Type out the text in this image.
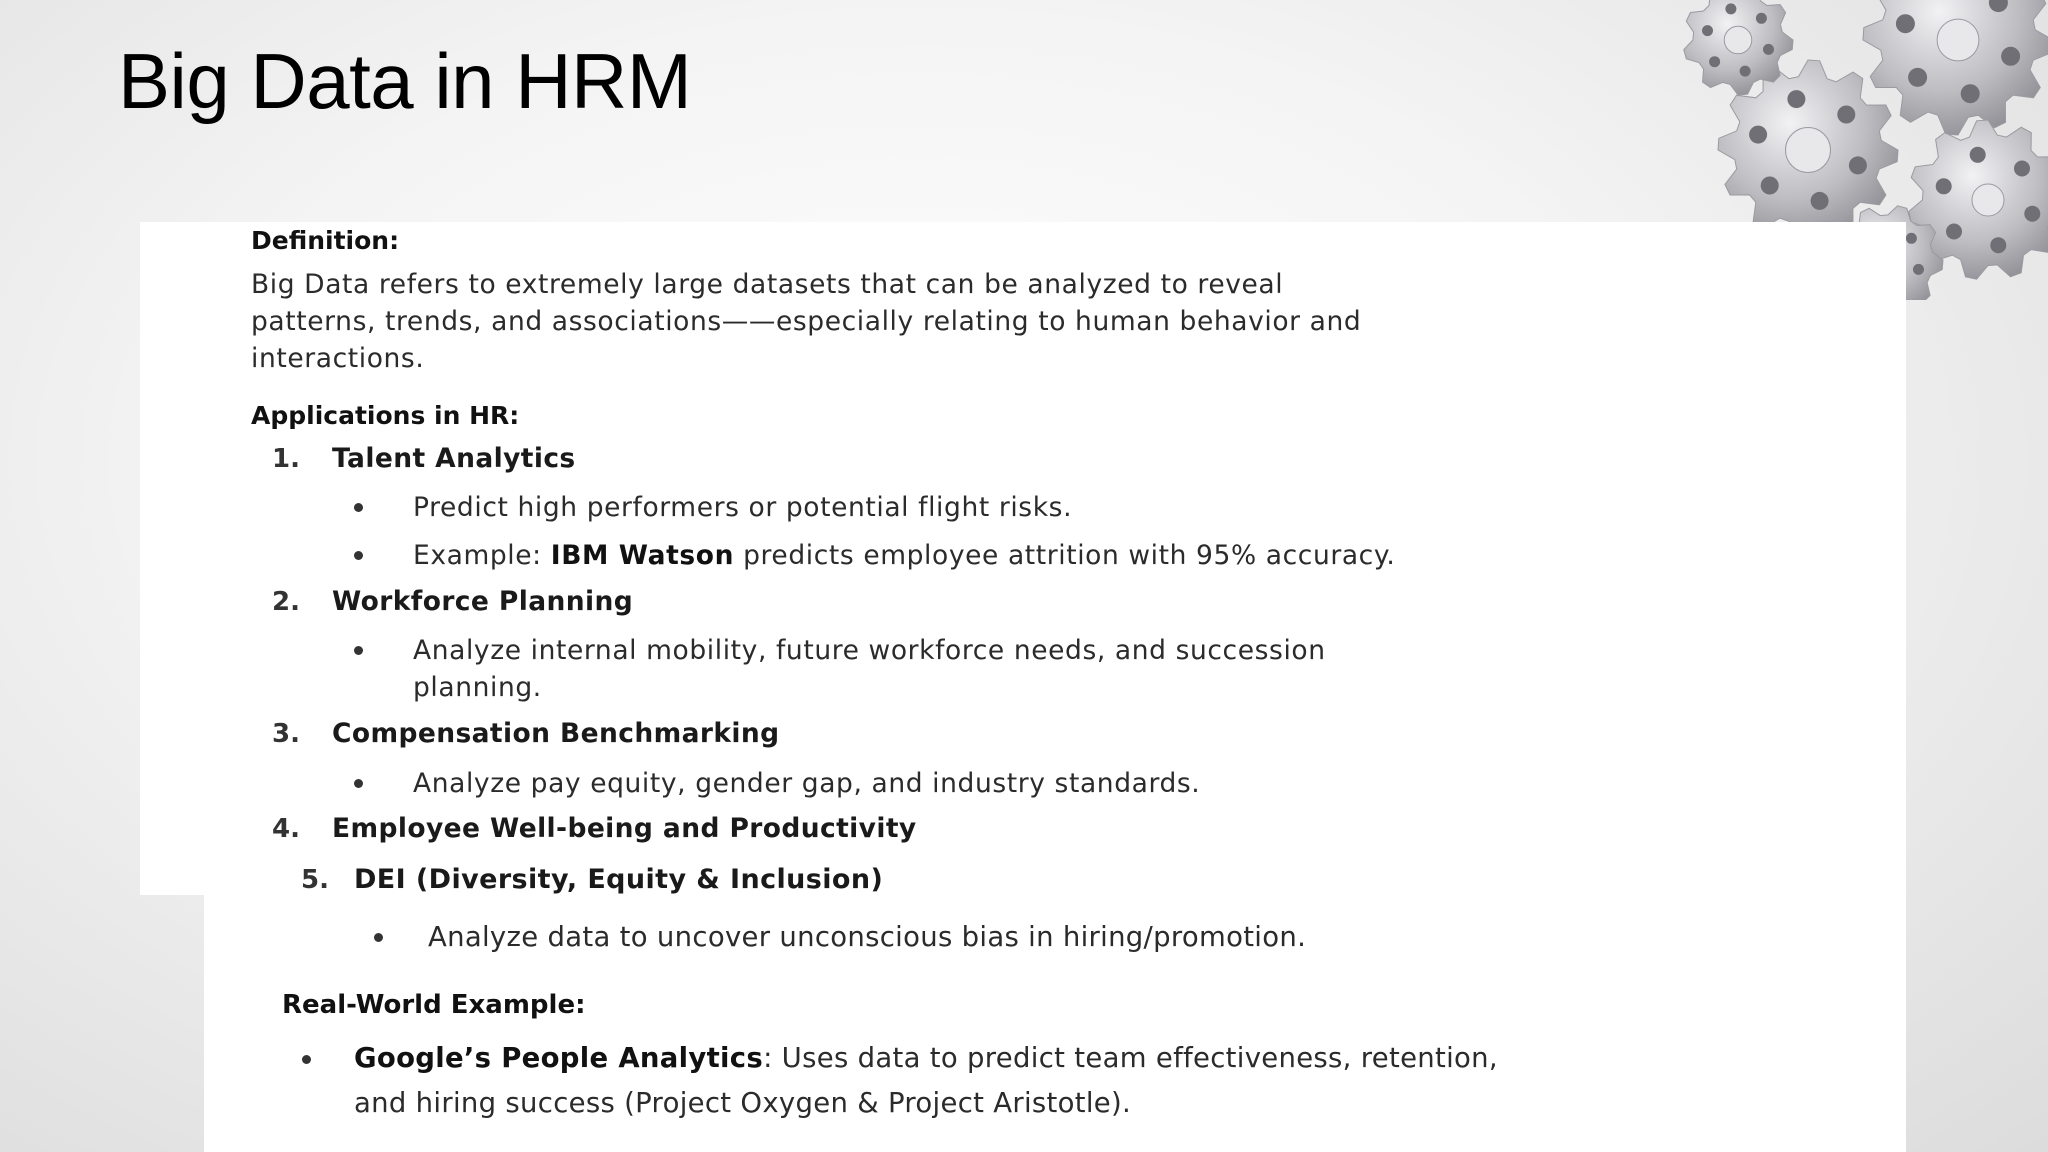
Big Data in HRM
Definition:
Big Data refers to extremely large datasets that can be analyzed to reveal
patterns, trends, and associations——especially relating to human behavior and
interactions.
Applications in HR:
1. Talent Analytics
Predict high performers or potential flight risks.
Example: IBM Watson predicts employee attrition with 95% accuracy.
2. Workforce Planning
Analyze internal mobility, future workforce needs, and succession
planning.
3. Compensation Benchmarking
Analyze pay equity, gender gap, and industry standards.
4. Employee Well-being and Productivity
5. DEI (Diversity, Equity & Inclusion)
Analyze data to uncover unconscious bias in hiring/promotion.
Real-World Example:
Google’s People Analytics: Uses data to predict team effectiveness, retention,
and hiring success (Project Oxygen & Project Aristotle).
